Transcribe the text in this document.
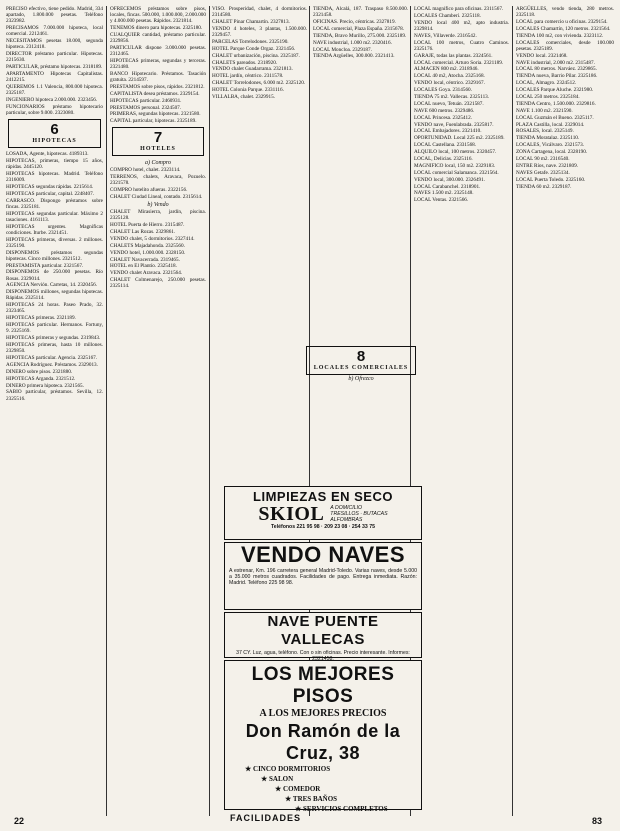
PRECISO efectivo, tiene pedido. Madrid, 334 apartado, 1.800.000 pesetas. Teléfono 2323982.

PRECISAMOS 7.000.000 hipoteca, local comercial. 2212461.

NECESITAMOS pesetas 18.000, segunda hipoteca. 2312418.

DIRECTOR préstamo particular. Hipotecas. 2215630.

PARTICULAR, préstamo hipotecas. 2318189.

APARTAMENTO Hipotecas Capitalistas. 2412215.

QUEREMOS 1.1 Valencia, 800.000 hipoteca. 2325187.

INGENIERO hipoteca 2.000.000. 2323456.

FUNCIONARIOS préstamo hipotecario particular, sobre 9.000. 2323080.

6
HIPOTECAS

LOSADA, Agente, hipotecas. 4189313.

HIPOTECAS, primeras, tiempo 15 años, rápidas. 2445120.

HIPOTECAS hipotecas. Madrid. Teléfono 2316009.

HIPOTECAS segundas rápidas. 2215614.

HIPOTECAS particular, capital. 2248407.

CARRASCO. Dispongo préstamos sobre fincas. 2325181.

HIPOTECAS segundas particular. Máximo 2 tasaciones. 4161113.

HIPOTECAS urgentes. Magníficas condiciones. Iturbe. 2321451.

HIPOTECAS primeras, diversas. 2 millones. 2325190.

DISPONEMOS préstamos segundas hipotecas. Cinco millones. 2321512.

PRESTAMISTA particular. 2321567.

DISPONEMOS de 250.000 pesetas. Río Rosas. 2329014.

AGENCIA Nervión. Carretas, 14. 2320456.

DISPONEMOS millones, segundas hipotecas. Rápidas. 2325114.

HIPOTECAS 24 horas. Paseo Prado, 32. 2323465.

HIPOTECAS primeras. 2321189.

HIPOTECAS particular. Hermanos. Fortuny, 9. 2325169.

HIPOTECAS primeras y segundas. 2319843.

HIPOTECAS primeras, hasta 10 millones. 2329850.

HIPOTECAS particular. Agencia. 2325167.

AGENCIA Rodríguez. Préstamos. 2329013.

DINERO sobre pisos. 2321880.

HIPOTECAS Arganda. 2321512.

DINERO primera hipoteca. 2321565.

SABIO particular, préstamos. Sevilla, 12. 2325516.

OFRECEMOS préstamos sobre pisos, locales, fincas. 500.000, 1.000.000, 2.000.000 y 4.000.000 pesetas. Rápidos. 2321814.

TENEMOS dinero para hipotecas. 2325180.

CUALQUIER cantidad, préstamo particular. 2329856.

PARTICULAR dispone 3.000.000 pesetas. 2312465.

HIPOTECAS primeras, segundas y terceras. 2321480.

BANCO Hipotecario. Préstamos. Tasación gratuita. 2214597.

PRESTAMOS sobre pisos, rápidos. 2321812.

CAPITALISTA desea préstamos. 2329154.

HIPOTECAS particular. 2460931.

PRESTAMOS personal. 2324507.

PRIMERAS, segundas hipotecas. 2321580.

CAPITAL particular, hipotecas. 2325189.

7
HOTELES
a) Compro

COMPRO hotel, chalet. 2323114.

TERRENOS, chalets, Aravaca, Pozuelo. 2321578.

COMPRO hotelito afueras. 2322156.

CHALET Ciudad Lineal, contado. 2315614.

b) Vendo

CHALET Mirasierra, jardín, piscina. 2325128.

HOTEL Puerta de Hierro. 2315487.

CHALET Las Rozas. 2329861.

VENDO chalet, 5 dormitorios. 2327414.

CHALETS Majadahonda. 2325560.

VENDO hotel, 1.000.000. 2328150.

CHALET Navacerrada. 2319465.

HOTEL en El Plantío. 2325418.

VENDO chalet Aravaca. 2321564.

CHALET Colmenarejo, 250.000 pesetas. 2325114.

VISO. Prosperidad, chalet, 4 dormitorios. 2314580.

CHALET Pinar Chamartín. 2327813.

VENDO 4 hoteles, 3 plantas, 1.500.000. 2329457.

PARCELAS Torrelodones. 2325190.

HOTEL Parque Conde Orgaz. 2321456.

CHALET urbanización, piscina. 2325187.

CHALETS pareados. 2318920.

VENDO chalet Guadarrama. 2321813.

HOTEL jardín, céntrico. 2311578.

CHALET Torrelodones, 6.000 m2. 2325120.

HOTEL Colonia Parque. 2331116.

VILLALBA, chalet. 2329915.

TIENDA, Alcalá, 187. Traspaso 8.500.000. 2321458.

OFICINAS. Precio, céntricas. 2327819.

LOCAL comercial, Plaza España. 2315678.

TIENDA, Bravo Murillo, 275.000. 2325189.

NAVE industrial, 1.000 m2. 2320416.

LOCAL Moncloa. 2329187.

TIENDA Argüelles, 300.000. 2321413.

8
LOCALES COMERCIALES
b) Ofrezco

LOCAL magnífico para oficinas. 2311567.

LOCALES Chamberí. 2325118.

VENDO local 400 m2, apto industria. 2329814.

NAVES, Villaverde. 2316542.

LOCAL 100 metros, Cuatro Caminos. 2325176.

GARAJE, todas las plantas. 2324561.

LOCAL comercial. Arturo Soria. 2321189.

ALMACEN 800 m2. 2318946.

LOCAL 40 m2, Atocha. 2325168.

VENDO local, céntrico. 2329167.

LOCALES Goya. 2314560.

TIENDA 75 m2. Vallecas. 2325113.

LOCAL nuevo, Tetuán. 2321587.

NAVE 600 metros. 2329486.

LOCAL Princesa. 2325412.

VENDO nave, Fuenlabrada. 2325817.

LOCAL Embajadores. 2321410.

OPORTUNIDAD. Local 225 m2. 2325189.

LOCAL Castellana. 2331568.

ALQUILO local, 100 metros. 2320457.

LOCAL, Delicias. 2325116.

MAGNIFICO local, 150 m2. 2329183.

LOCAL comercial Salamanca. 2321564.

VENDO local, 300.000. 2326491.

LOCAL Carabanchel. 2318901.

NAVES 1.500 m2. 2325148.

LOCAL Ventas. 2321566.

ARGÜELLES, vendo tienda, 280 metros. 2325118.

LOCAL para comercio u oficinas. 2329154.

LOCALES Chamartín, 120 metros. 2321564.

TIENDA 100 m2, con vivienda. 2323112.

LOCALES comerciales, desde 100.000 pesetas. 2325189.

VENDO local. 2321468.

NAVE industrial, 2.000 m2. 2315487.

LOCAL 80 metros. Narváez. 2329865.

TIENDA nueva, Barrio Pilar. 2325186.

LOCAL, Almagro. 2324512.

LOCALES Parque Aluche. 2321980.

LOCAL 250 metros. 2325184.

TIENDA Centro, 1.500.000. 2329816.

NAVE 1.100 m2. 2321590.

LOCAL Guzmán el Bueno. 2325117.

PLAZA Castilla, local. 2329014.

ROSALES, local. 2325149.

TIENDA Moratalaz. 2325110.

LOCALES, Vicálvaro. 2321573.

ZONA Cartagena, local. 2328190.

LOCAL 90 m2. 2316540.

ENTRE Ríos, nave. 2321809.

NAVES Getafe. 2325134.

LOCAL Puerta Toledo. 2325160.

TIENDA 60 m2. 2329187.

LIMPIEZAS EN SECO
SKIOL A DOMICILIO
TRESILLOS · BUTACAS
ALFOMBRAS
Teléfonos 221 95 98 · 209 23 08 · 254 33 75
VENDO NAVES
A estrenar, Km. 196 carretera general Madrid-Toledo. Varias naves, desde 5.000 a 35.000 metros cuadrados. Facilidades de pago. Entrega inmediata. Razón: Madrid. Teléfono 225 98 98.
NAVE PUENTE VALLECAS
37 CY. Luz, agua, teléfono. Con o sin oficinas. Precio interesante. Informes:
LOS MEJORES PISOS
A LOS MEJORES PRECIOS
Don Ramón de la Cruz, 38
★ CINCO DORMITORIOS
★ SALON
★ COMEDOR
★ TRES BAÑOS
★ SERVICIOS COMPLETOS
FACILIDADES
22	83
